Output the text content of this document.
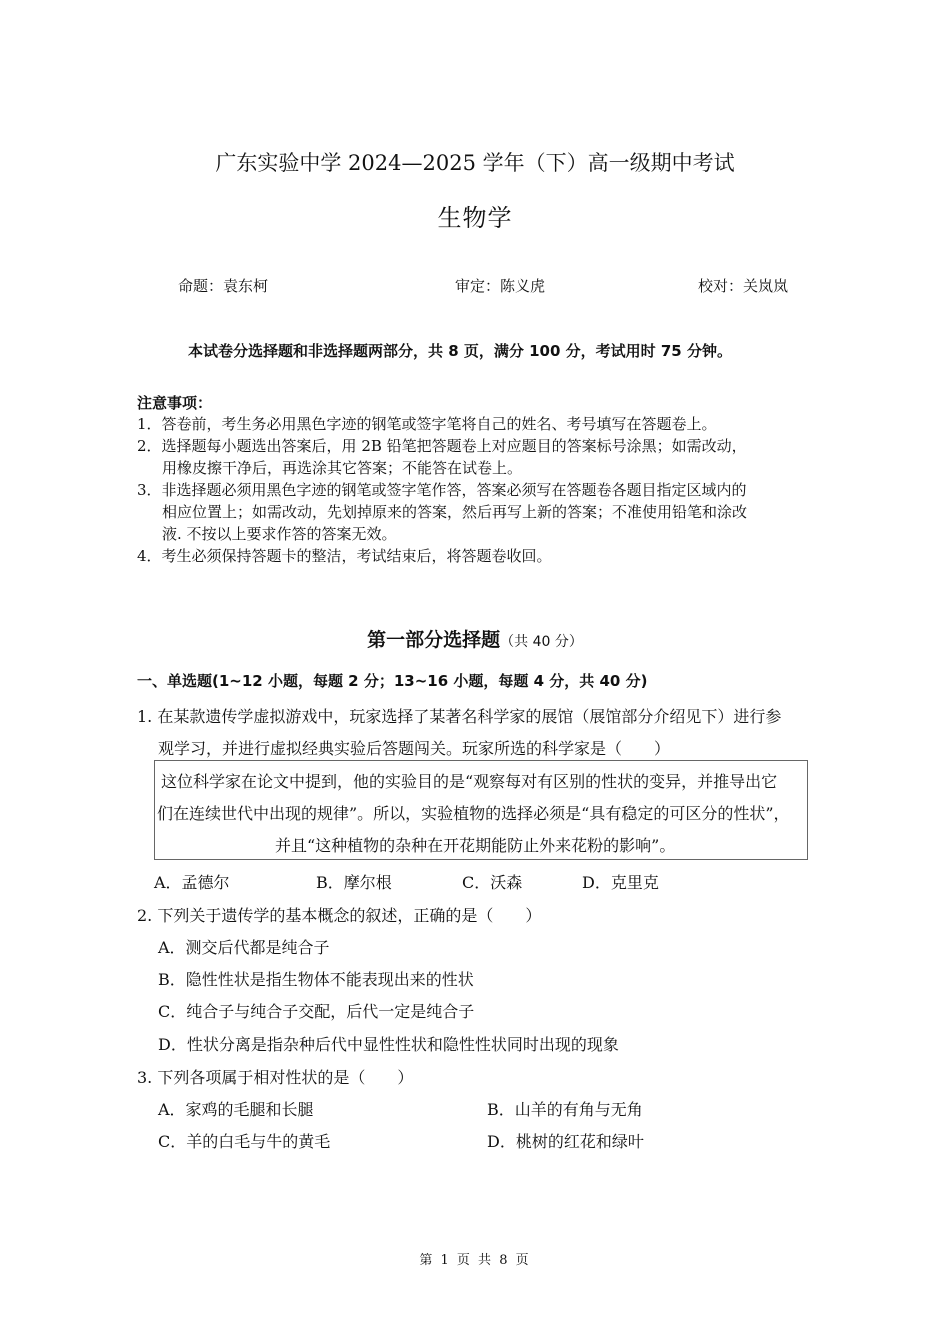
广东实验中学 2024—2025 学年（下）高一级期中考试
生物学
命题：袁东柯	审定：陈义虎	校对：关岚岚
本试卷分选择题和非选择题两部分，共 8 页，满分 100 分，考试用时 75 分钟。
注意事项：
1．答卷前，考生务必用黑色字迹的钢笔或签字笔将自己的姓名、考号填写在答题卷上。
2．选择题每小题选出答案后，用 2B 铅笔把答题卷上对应题目的答案标号涂黑；如需改动，
用橡皮擦干净后，再选涂其它答案；不能答在试卷上。
3．非选择题必须用黑色字迹的钢笔或签字笔作答，答案必须写在答题卷各题目指定区域内的
相应位置上；如需改动，先划掉原来的答案，然后再写上新的答案；不准使用铅笔和涂改
液. 不按以上要求作答的答案无效。
4．考生必须保持答题卡的整洁，考试结束后，将答题卷收回。
第一部分选择题（共 40 分）
一、单选题(1~12 小题，每题 2 分；13~16 小题，每题 4 分，共 40 分)
1. 在某款遗传学虚拟游戏中，玩家选择了某著名科学家的展馆（展馆部分介绍见下）进行参
观学习，并进行虚拟经典实验后答题闯关。玩家所选的科学家是（　　）
这位科学家在论文中提到，他的实验目的是“观察每对有区别的性状的变异，并推导出它
们在连续世代中出现的规律”。所以，实验植物的选择必须是“具有稳定的可区分的性状”，
并且“这种植物的杂种在开花期能防止外来花粉的影响”。
A．孟德尔	B．摩尔根	C．沃森	D．克里克
2. 下列关于遗传学的基本概念的叙述，正确的是（　　）
A．测交后代都是纯合子
B．隐性性状是指生物体不能表现出来的性状
C．纯合子与纯合子交配，后代一定是纯合子
D．性状分离是指杂种后代中显性性状和隐性性状同时出现的现象
3. 下列各项属于相对性状的是（　　）
A．家鸡的毛腿和长腿	B．山羊的有角与无角
C．羊的白毛与牛的黄毛	D．桃树的红花和绿叶
第 1 页 共 8 页
